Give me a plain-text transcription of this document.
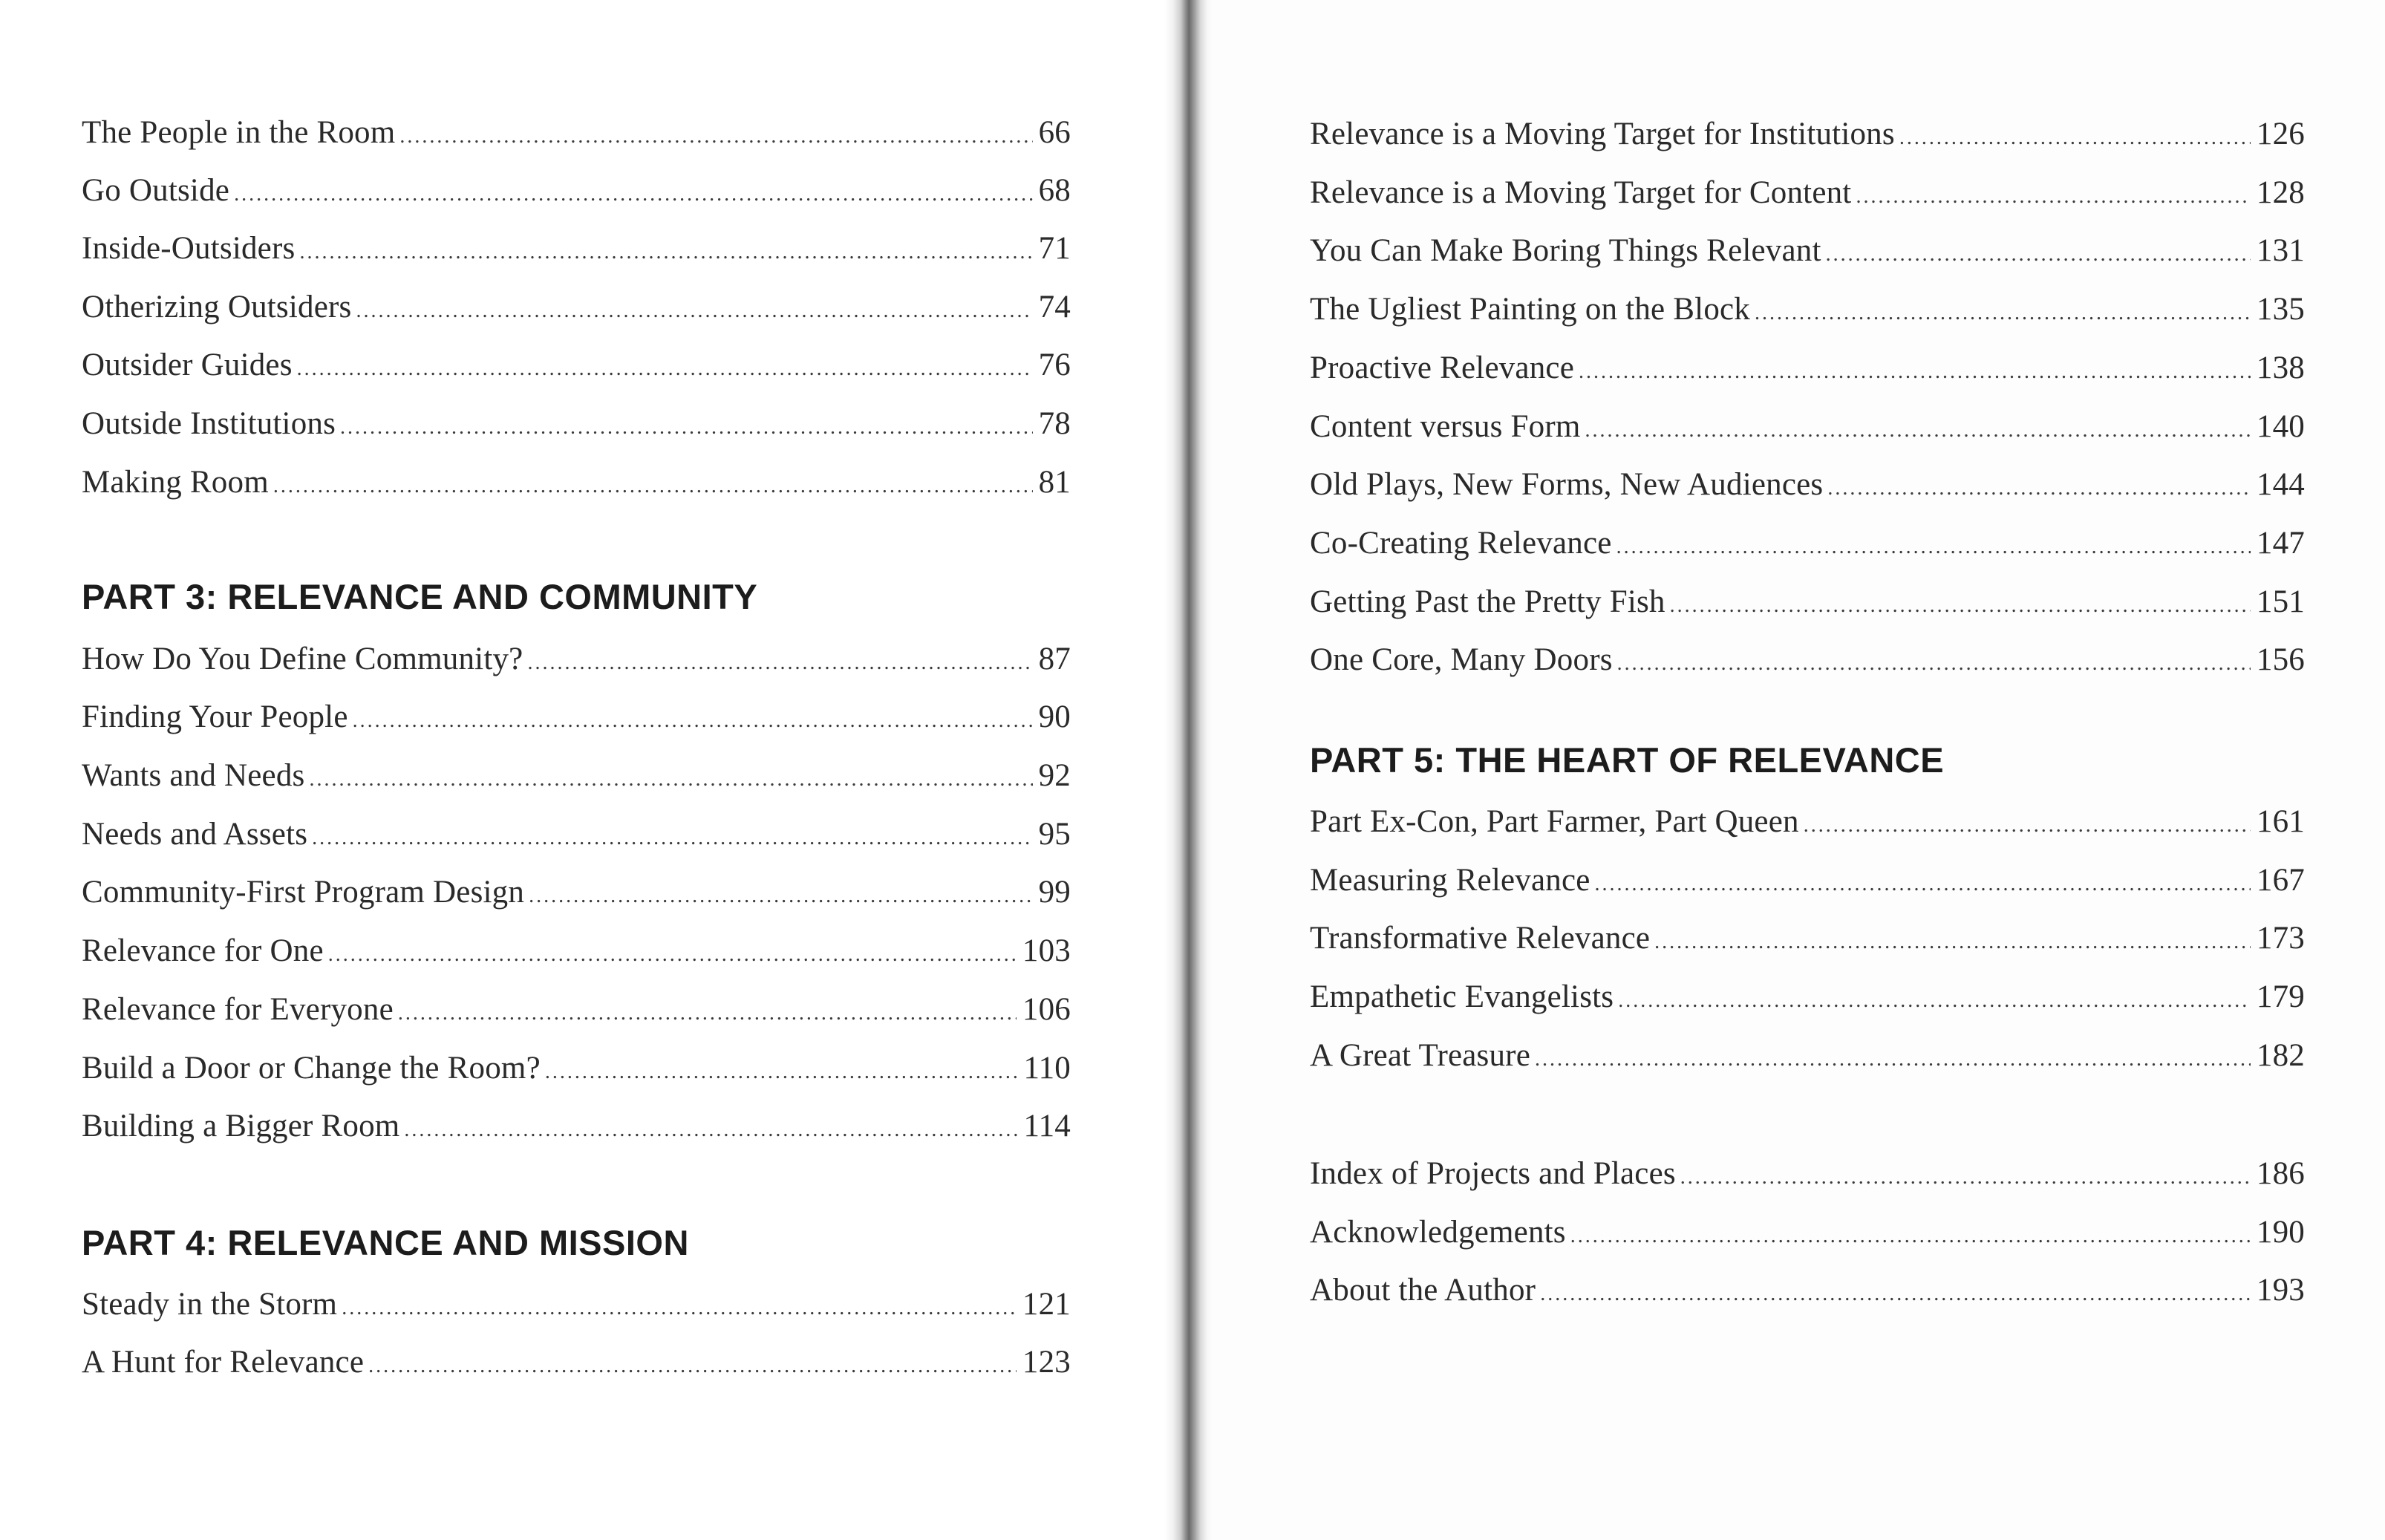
The People in the Room .....	66
Go Outside .....	68
Inside-Outsiders .....	71
Otherizing Outsiders .....	74
Outsider Guides .....	76
Outside Institutions .....	78
Making Room .....	81
PART 3: RELEVANCE AND COMMUNITY
How Do You Define Community? .....	87
Finding Your People .....	90
Wants and Needs .....	92
Needs and Assets .....	95
Community-First Program Design .....	99
Relevance for One .....	103
Relevance for Everyone .....	106
Build a Door or Change the Room? .....	110
Building a Bigger Room .....	114
PART 4: RELEVANCE AND MISSION
Steady in the Storm .....	121
A Hunt for Relevance .....	123
Relevance is a Moving Target for Institutions .....	126
Relevance is a Moving Target for Content .....	128
You Can Make Boring Things Relevant .....	131
The Ugliest Painting on the Block .....	135
Proactive Relevance .....	138
Content versus Form .....	140
Old Plays, New Forms, New Audiences .....	144
Co-Creating Relevance .....	147
Getting Past the Pretty Fish .....	151
One Core, Many Doors .....	156
PART 5: THE HEART OF RELEVANCE
Part Ex-Con, Part Farmer, Part Queen .....	161
Measuring Relevance .....	167
Transformative Relevance .....	173
Empathetic Evangelists .....	179
A Great Treasure .....	182
Index of Projects and Places .....	186
Acknowledgements .....	190
About the Author .....	193
